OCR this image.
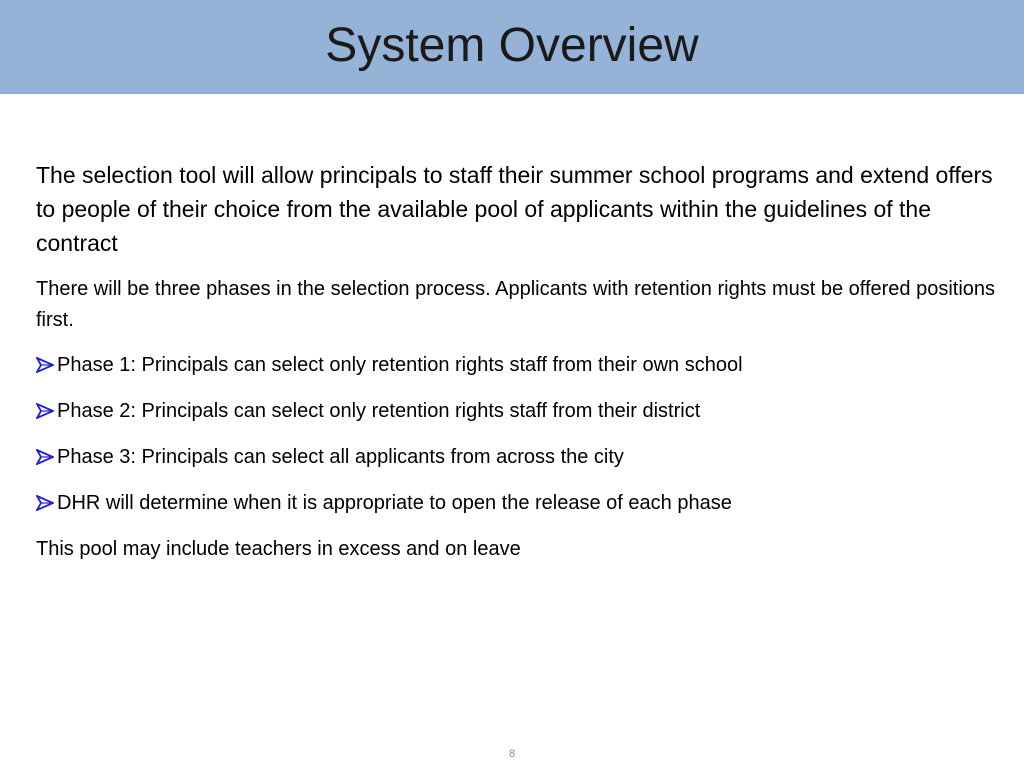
System Overview

The selection tool will allow principals to staff their summer school programs and extend offers to people of their choice from the available pool of applicants within the guidelines of the contract

There will be three phases in the selection process. Applicants with retention rights must be offered positions first.

Phase 1: Principals can select only retention rights staff from their own school
Phase 2: Principals can select only retention rights staff from their district
Phase 3: Principals can select all applicants from across the city
DHR will determine when it is appropriate to open the release of each phase

This pool may include teachers in excess and on leave

8
